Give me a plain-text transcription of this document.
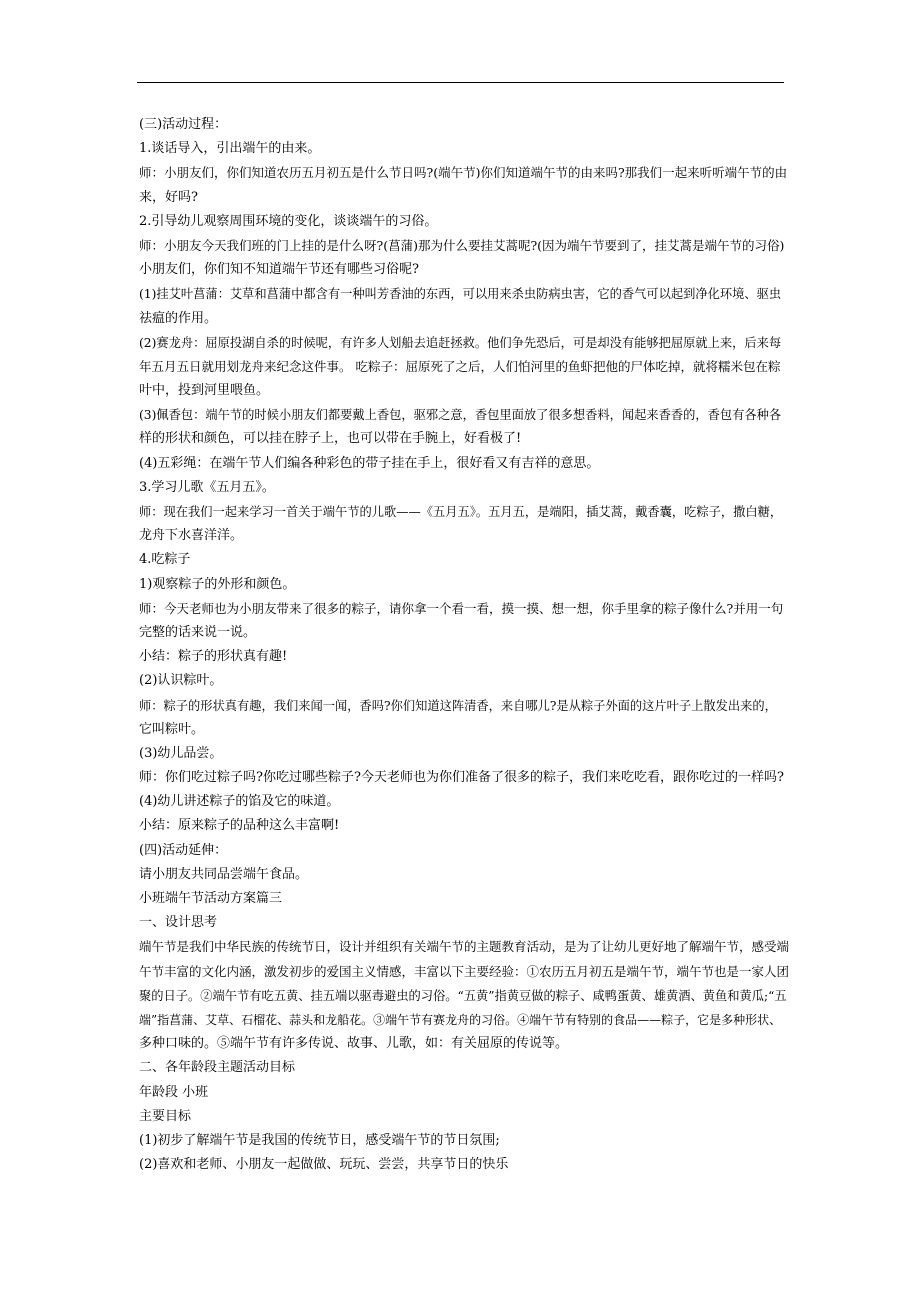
(三)活动过程：
1.谈话导入，引出端午的由来。
师：小朋友们，你们知道农历五月初五是什么节日吗?(端午节)你们知道端午节的由来吗?那我们一起来听听端午节的由
来，好吗?
2.引导幼儿观察周围环境的变化，谈谈端午的习俗。
师：小朋友今天我们班的门上挂的是什么呀?(菖蒲)那为什么要挂艾蒿呢?(因为端午节要到了，挂艾蒿是端午节的习俗)
小朋友们，你们知不知道端午节还有哪些习俗呢?
(1)挂艾叶菖蒲：艾草和菖蒲中都含有一种叫芳香油的东西，可以用来杀虫防病虫害，它的香气可以起到净化环境、驱虫
祛瘟的作用。
(2)赛龙舟：屈原投湖自杀的时候呢，有许多人划船去追赶拯救。他们争先恐后，可是却没有能够把屈原就上来，后来每
年五月五日就用划龙舟来纪念这件事。 吃粽子：屈原死了之后，人们怕河里的鱼虾把他的尸体吃掉，就将糯米包在粽
叶中，投到河里喂鱼。
(3)佩香包：端午节的时候小朋友们都要戴上香包，驱邪之意，香包里面放了很多想香料，闻起来香香的，香包有各种各
样的形状和颜色，可以挂在脖子上，也可以带在手腕上，好看极了!
(4)五彩绳：在端午节人们编各种彩色的带子挂在手上，很好看又有吉祥的意思。
3.学习儿歌《五月五》。
师：现在我们一起来学习一首关于端午节的儿歌——《五月五》。五月五，是端阳，插艾蒿，戴香囊，吃粽子，撒白糖，
龙舟下水喜洋洋。
4.吃粽子
1)观察粽子的外形和颜色。
师：今天老师也为小朋友带来了很多的粽子，请你拿一个看一看，摸一摸、想一想，你手里拿的粽子像什么?并用一句
完整的话来说一说。
小结：粽子的形状真有趣!
(2)认识粽叶。
师：粽子的形状真有趣，我们来闻一闻，香吗?你们知道这阵清香，来自哪儿?是从粽子外面的这片叶子上散发出来的，
它叫粽叶。
(3)幼儿品尝。
师：你们吃过粽子吗?你吃过哪些粽子?今天老师也为你们准备了很多的粽子，我们来吃吃看，跟你吃过的一样吗?
(4)幼儿讲述粽子的馅及它的味道。
小结：原来粽子的品种这么丰富啊!
(四)活动延伸：
请小朋友共同品尝端午食品。
小班端午节活动方案篇三
一、设计思考
端午节是我们中华民族的传统节日，设计并组织有关端午节的主题教育活动，是为了让幼儿更好地了解端午节，感受端
午节丰富的文化内涵，激发初步的爱国主义情感，丰富以下主要经验：①农历五月初五是端午节，端午节也是一家人团
聚的日子。②端午节有吃五黄、挂五端以驱毒避虫的习俗。“五黄”指黄豆做的粽子、咸鸭蛋黄、雄黄酒、黄鱼和黄瓜;“五
端”指菖蒲、艾草、石榴花、蒜头和龙船花。③端午节有赛龙舟的习俗。④端午节有特别的食品——粽子，它是多种形状、
多种口味的。⑤端午节有许多传说、故事、儿歌，如：有关屈原的传说等。
二、各年龄段主题活动目标
年龄段 小班
主要目标
(1)初步了解端午节是我国的传统节日，感受端午节的节日氛围;
(2)喜欢和老师、小朋友一起做做、玩玩、尝尝，共享节日的快乐
